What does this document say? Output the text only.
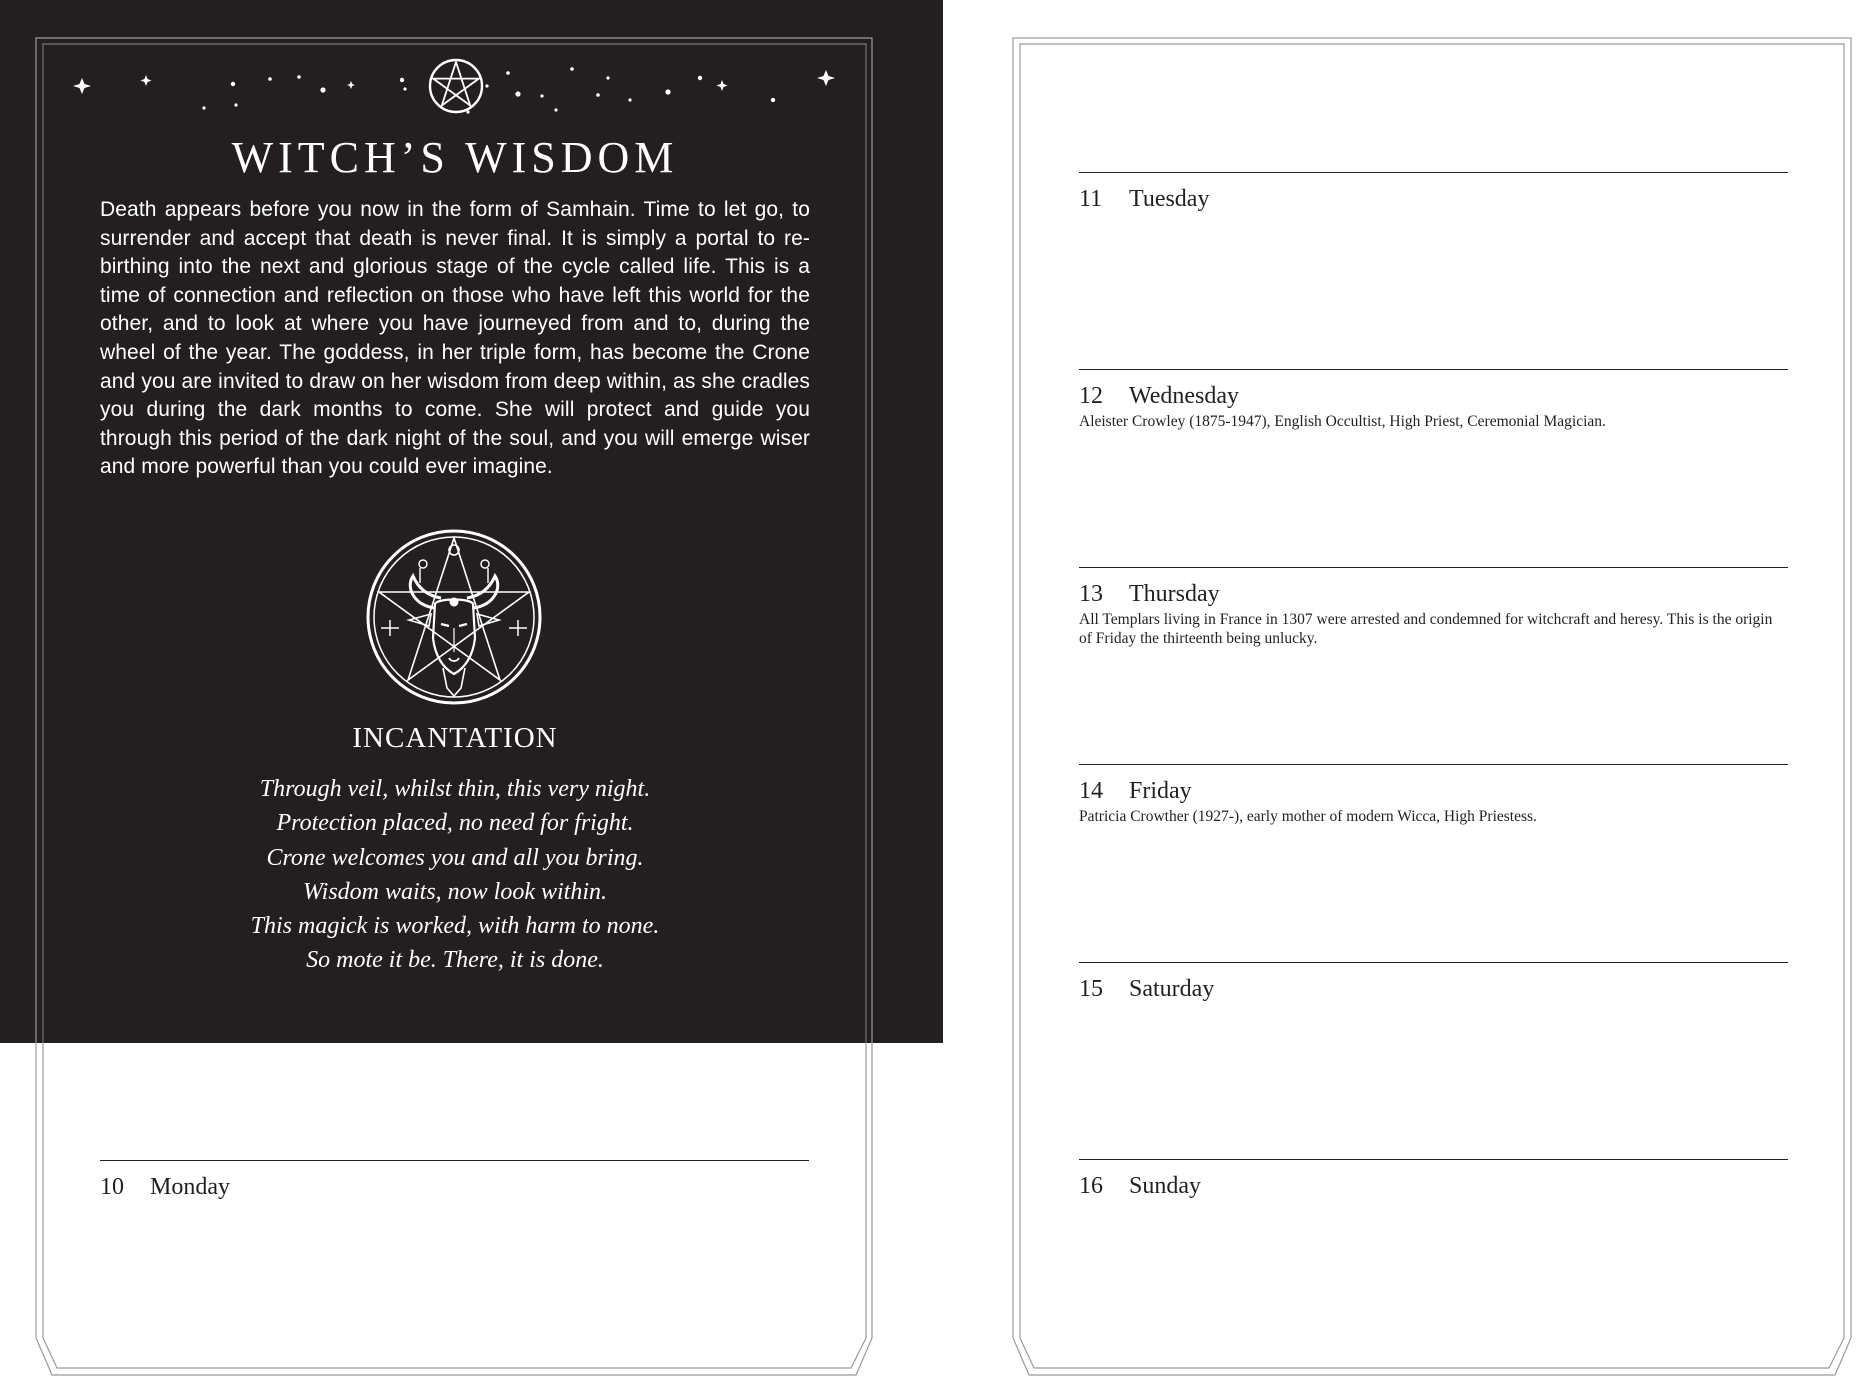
WITCH’S WISDOM

Death appears before you now in the form of Samhain. Time to let go, to surrender and accept that death is never final. It is simply a portal to re-birthing into the next and glorious stage of the cycle called life. This is a time of connection and reflection on those who have left this world for the other, and to look at where you have journeyed from and to, during the wheel of the year. The goddess, in her triple form, has become the Crone and you are invited to draw on her wisdom from deep within, as she cradles you during the dark months to come. She will protect and guide you through this period of the dark night of the soul, and you will emerge wiser and more powerful than you could ever imagine.

INCANTATION
Through veil, whilst thin, this very night.
Protection placed, no need for fright.
Crone welcomes you and all you bring.
Wisdom waits, now look within.
This magick is worked, with harm to none.
So mote it be. There, it is done.
10 Monday
11 Tuesday
12 Wednesday
Aleister Crowley (1875-1947), English Occultist, High Priest, Ceremonial Magician.
13 Thursday
All Templars living in France in 1307 were arrested and condemned for witchcraft and heresy. This is the origin of Friday the thirteenth being unlucky.
14 Friday
Patricia Crowther (1927-), early mother of modern Wicca, High Priestess.
15 Saturday
16 Sunday
